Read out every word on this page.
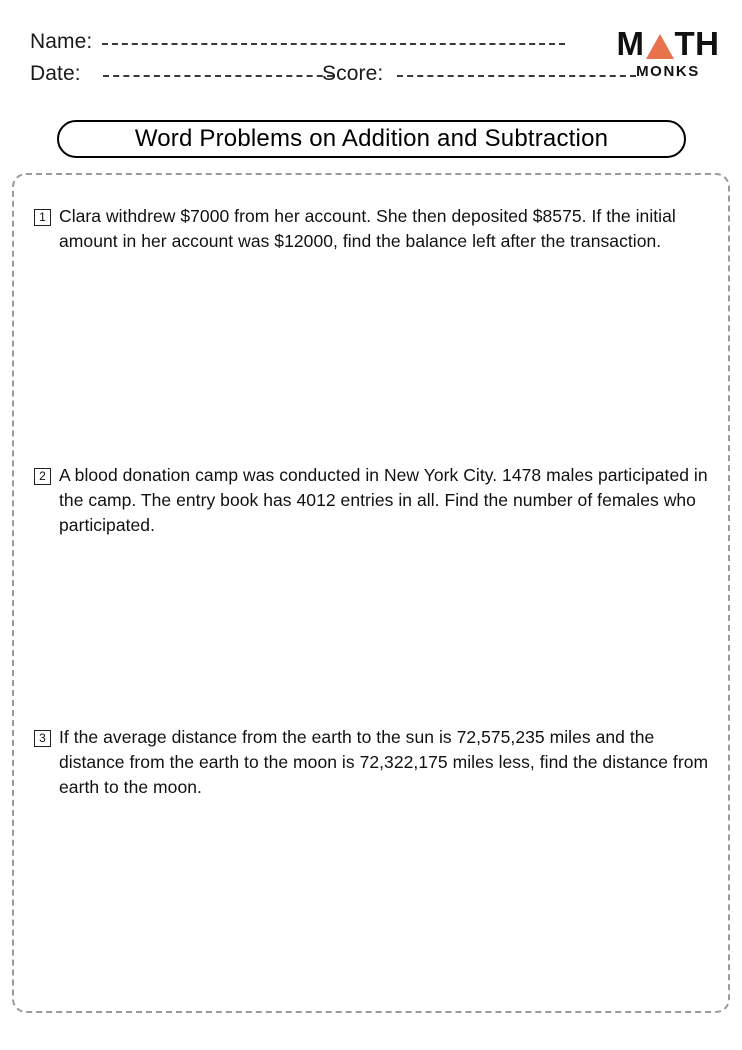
Name:
Date:	Score:
M TH
MONKS
Word Problems on Addition and Subtraction
1 Clara withdrew $7000 from her account. She then deposited $8575. If the initial amount in her account was $12000, find the balance left after the transaction.
2 A blood donation camp was conducted in New York City. 1478 males participated in the camp. The entry book has 4012 entries in all. Find the number of females who participated.
3 If the average distance from the earth to the sun is 72,575,235 miles and the distance from the earth to the moon is 72,322,175 miles less, find the distance from earth to the moon.
